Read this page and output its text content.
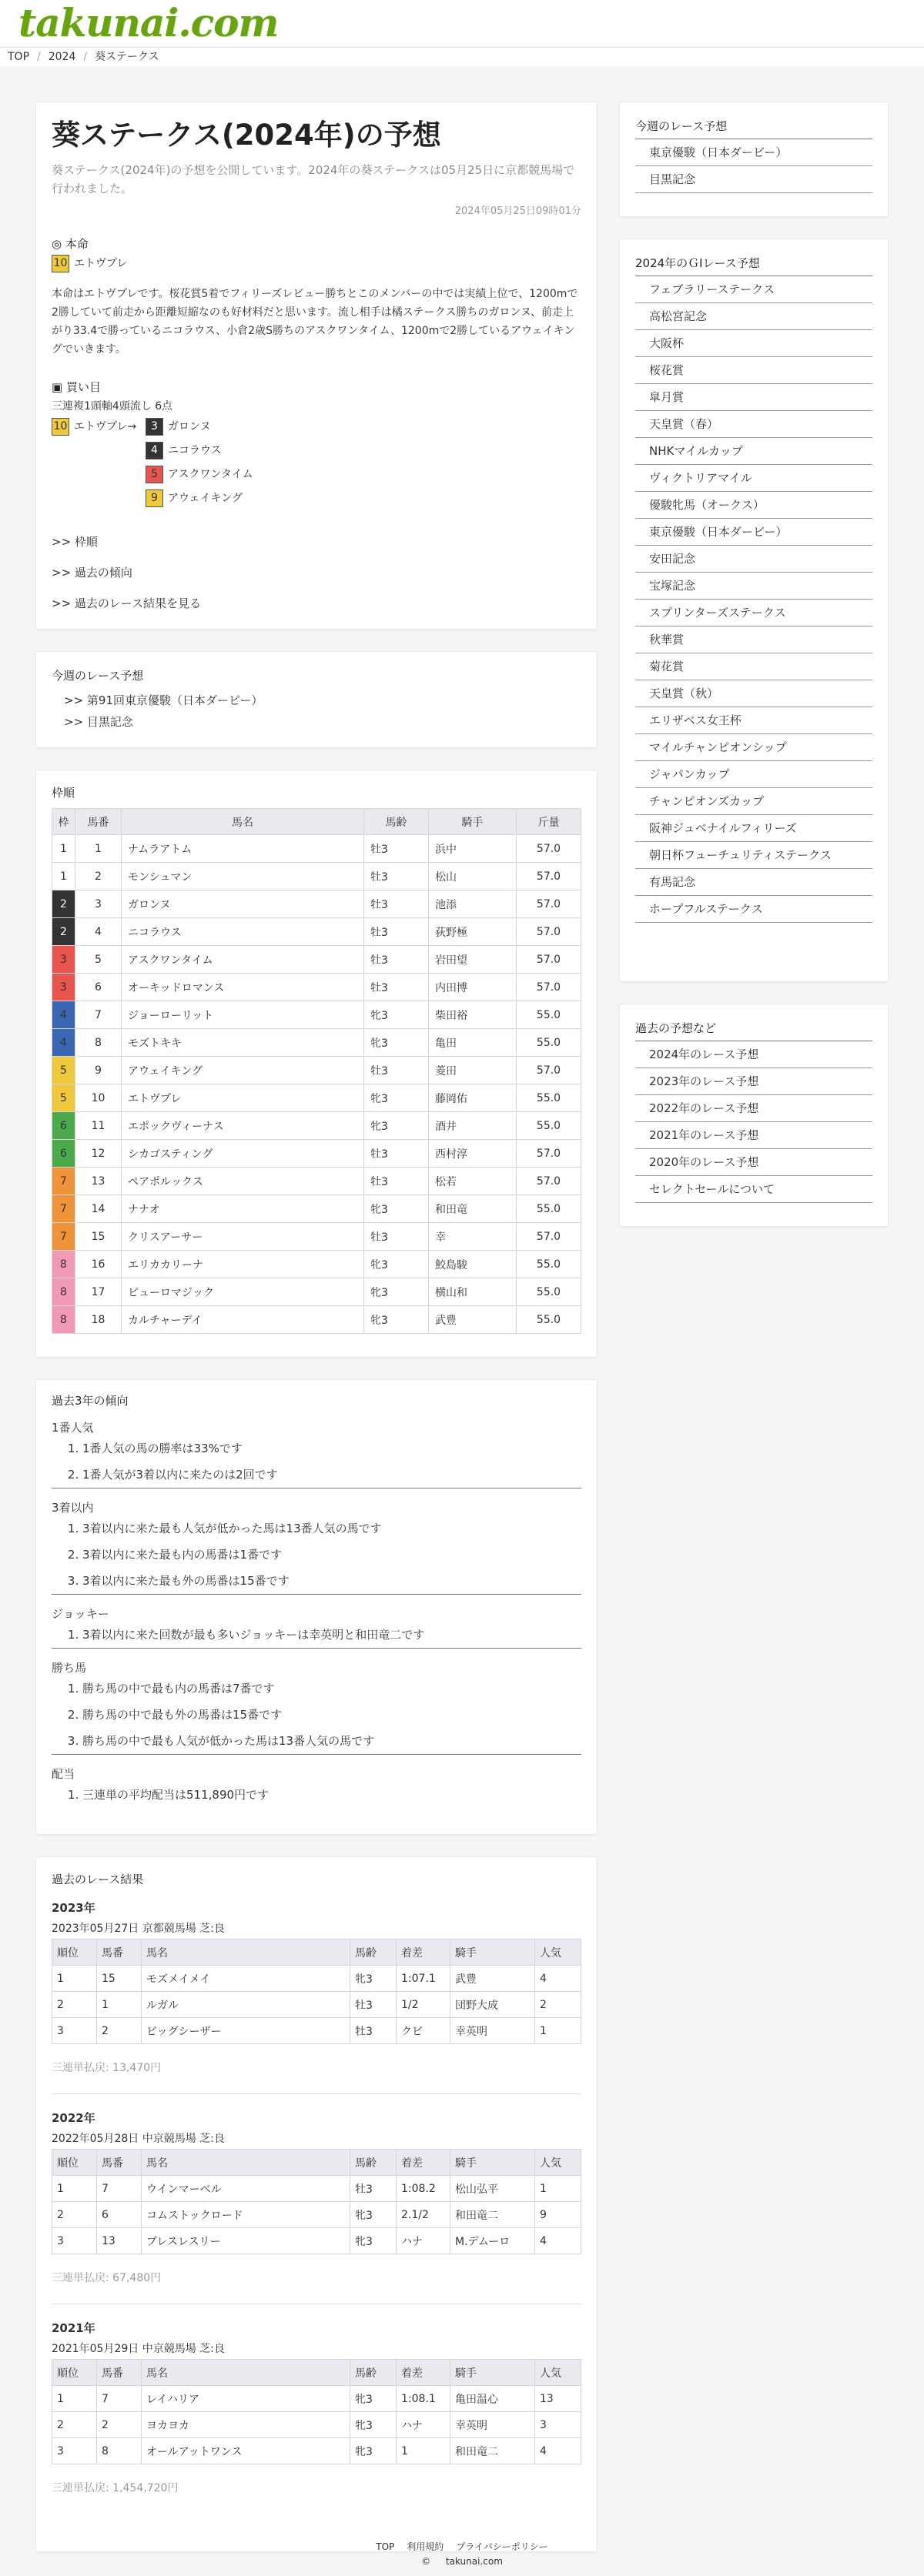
takunai.com
TOP / 2024 / 葵ステークス
葵ステークス(2024年)の予想
葵ステークス(2024年)の予想を公開しています。2024年の葵ステークスは05月25日に京都競馬場で行われました。
2024年05月25日09時01分
◎ 本命
10 エトヴプレ
本命はエトヴプレです。桜花賞5着でフィリーズレビュー勝ちとこのメンバーの中では実績上位で、1200mで2勝していて前走から距離短縮なのも好材料だと思います。流し相手は橘ステークス勝ちのガロンヌ、前走上がり33.4で勝っているニコラウス、小倉2歳S勝ちのアスクワンタイム、1200mで2勝しているアウェイキングでいきます。
▣ 買い目
三連複1頭軸4頭流し 6点
10 エトヴプレ→	3 ガロンヌ
4 ニコラウス
5 アスクワンタイム
9 アウェイキング
>> 枠順
>> 過去の傾向
>> 過去のレース結果を見る
今週のレース予想
>> 第91回東京優駿（日本ダービー）
>> 目黒記念
枠順
枠	馬番	馬名	馬齢	騎手	斤量
1	1	ナムラアトム	牡3	浜中	57.0
1	2	モンシュマン	牡3	松山	57.0
2	3	ガロンヌ	牡3	池添	57.0
2	4	ニコラウス	牡3	荻野極	57.0
3	5	アスクワンタイム	牡3	岩田望	57.0
3	6	オーキッドロマンス	牡3	内田博	57.0
4	7	ジョーローリット	牝3	柴田裕	55.0
4	8	モズトキキ	牝3	亀田	55.0
5	9	アウェイキング	牡3	菱田	57.0
5	10	エトヴプレ	牝3	藤岡佑	55.0
6	11	エポックヴィーナス	牝3	酒井	55.0
6	12	シカゴスティング	牡3	西村淳	57.0
7	13	ペアポルックス	牡3	松若	57.0
7	14	ナナオ	牝3	和田竜	55.0
7	15	クリスアーサー	牡3	幸	57.0
8	16	エリカカリーナ	牝3	鮫島駿	55.0
8	17	ピューロマジック	牝3	横山和	55.0
8	18	カルチャーデイ	牝3	武豊	55.0
過去3年の傾向
1番人気
1. 1番人気の馬の勝率は33%です
2. 1番人気が3着以内に来たのは2回です
3着以内
1. 3着以内に来た最も人気が低かった馬は13番人気の馬です
2. 3着以内に来た最も内の馬番は1番です
3. 3着以内に来た最も外の馬番は15番です
ジョッキー
1. 3着以内に来た回数が最も多いジョッキーは幸英明と和田竜二です
勝ち馬
1. 勝ち馬の中で最も内の馬番は7番です
2. 勝ち馬の中で最も外の馬番は15番です
3. 勝ち馬の中で最も人気が低かった馬は13番人気の馬です
配当
1. 三連単の平均配当は511,890円です
過去のレース結果
2023年
2023年05月27日 京都競馬場 芝:良
順位	馬番	馬名	馬齢	着差	騎手	人気
1	15	モズメイメイ	牝3	1:07.1	武豊	4
2	1	ルガル	牡3	1/2	団野大成	2
3	2	ビッグシーザー	牡3	クビ	幸英明	1
三連単払戻: 13,470円
2022年
2022年05月28日 中京競馬場 芝:良
順位	馬番	馬名	馬齢	着差	騎手	人気
1	7	ウインマーベル	牡3	1:08.2	松山弘平	1
2	6	コムストックロード	牝3	2.1/2	和田竜二	9
3	13	ブレスレスリー	牝3	ハナ	M.デムーロ	4
三連単払戻: 67,480円
2021年
2021年05月29日 中京競馬場 芝:良
順位	馬番	馬名	馬齢	着差	騎手	人気
1	7	レイハリア	牝3	1:08.1	亀田温心	13
2	2	ヨカヨカ	牝3	ハナ	幸英明	3
3	8	オールアットワンス	牝3	1	和田竜二	4
三連単払戻: 1,454,720円
今週のレース予想
東京優駿（日本ダービー）
目黒記念
2024年のＧⅠレース予想
フェブラリーステークス
高松宮記念
大阪杯
桜花賞
皐月賞
天皇賞（春）
NHKマイルカップ
ヴィクトリアマイル
優駿牝馬（オークス）
東京優駿（日本ダービー）
安田記念
宝塚記念
スプリンターズステークス
秋華賞
菊花賞
天皇賞（秋）
エリザベス女王杯
マイルチャンピオンシップ
ジャパンカップ
チャンピオンズカップ
阪神ジュベナイルフィリーズ
朝日杯フューチュリティステークス
有馬記念
ホープフルステークス
過去の予想など
2024年のレース予想
2023年のレース予想
2022年のレース予想
2021年のレース予想
2020年のレース予想
セレクトセールについて
TOP 利用規約 プライバシーポリシー
© takunai.com
